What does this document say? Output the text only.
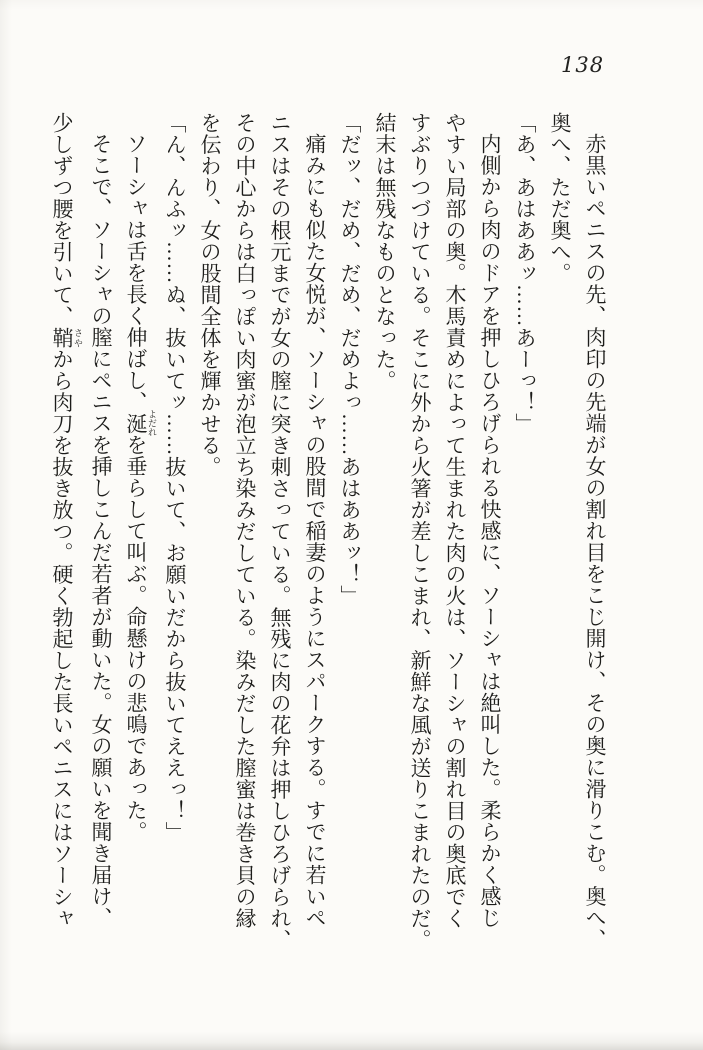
138

赤黒いペニスの先、肉印の先端が女の割れ目をこじ開け、その奥に滑りこむ。奥へ、

奥へ、ただ奥へ。

「あ、あはああッ……あーっ！」

内側から肉のドアを押しひろげられる快感に、ソーシャは絶叫した。柔らかく感じ

やすい局部の奥。木馬責めによって生まれた肉の火は、ソーシャの割れ目の奥底でく

すぶりつづけている。そこに外から火箸が差しこまれ、新鮮な風が送りこまれたのだ。

結末は無残なものとなった。

「だッ、だめ、だめ、だめよっ……あはああッ！」

痛みにも似た女悦が、ソーシャの股間で稲妻のようにスパークする。すでに若いペ

ニスはその根元までが女の膣に突き刺さっている。無残に肉の花弁は押しひろげられ、

その中心からは白っぽい肉蜜が泡立ち染みだしている。染みだした膣蜜は巻き貝の縁

を伝わり、女の股間全体を輝かせる。

「ん、んふッ……ぬ、抜いてッ……抜いて、お願いだから抜いてええっ！」

ソーシャは舌を長く伸ばし、涎 よだれを垂らして叫ぶ。命懸けの悲鳴であった。

そこで、ソーシャの膣にペニスを挿しこんだ若者が動いた。女の願いを聞き届け、

少しずつ腰を引いて、鞘 さやから肉刀を抜き放つ。硬く勃起した長いペニスにはソーシャ
